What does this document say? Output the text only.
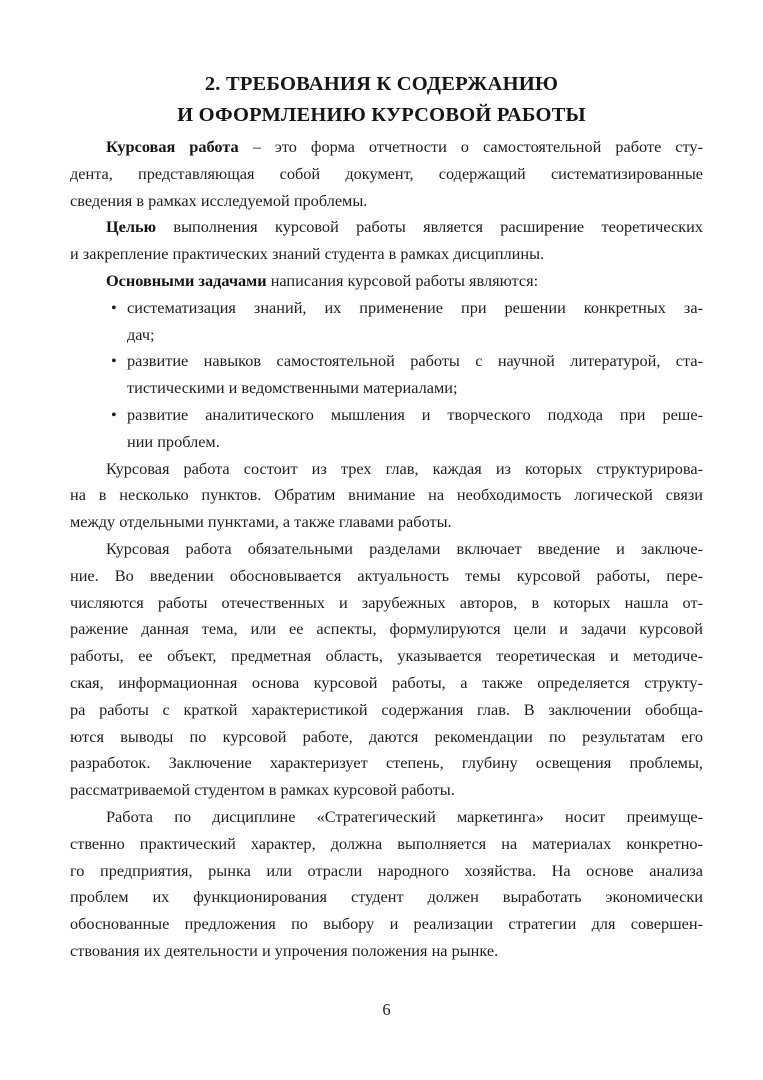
2. ТРЕБОВАНИЯ К СОДЕРЖАНИЮ
И ОФОРМЛЕНИЮ КУРСОВОЙ РАБОТЫ
Курсовая работа – это форма отчетности о самостоятельной работе сту-
дента, представляющая собой документ, содержащий систематизированные
сведения в рамках исследуемой проблемы.
Целью выполнения курсовой работы является расширение теоретических
и закрепление практических знаний студента в рамках дисциплины.
Основными задачами написания курсовой работы являются:
• систематизация знаний, их применение при решении конкретных за-
дач;
• развитие навыков самостоятельной работы с научной литературой, ста-
тистическими и ведомственными материалами;
• развитие аналитического мышления и творческого подхода при реше-
нии проблем.
Курсовая работа состоит из трех глав, каждая из которых структурирова-
на в несколько пунктов. Обратим внимание на необходимость логической связи
между отдельными пунктами, а также главами работы.
Курсовая работа обязательными разделами включает введение и заключе-
ние. Во введении обосновывается актуальность темы курсовой работы, пере-
числяются работы отечественных и зарубежных авторов, в которых нашла от-
ражение данная тема, или ее аспекты, формулируются цели и задачи курсовой
работы, ее объект, предметная область, указывается теоретическая и методиче-
ская, информационная основа курсовой работы, а также определяется структу-
ра работы с краткой характеристикой содержания глав. В заключении обобща-
ются выводы по курсовой работе, даются рекомендации по результатам его
разработок. Заключение характеризует степень, глубину освещения проблемы,
рассматриваемой студентом в рамках курсовой работы.
Работа по дисциплине «Стратегический маркетинга» носит преимуще-
ственно практический характер, должна выполняется на материалах конкретно-
го предприятия, рынка или отрасли народного хозяйства. На основе анализа
проблем их функционирования студент должен выработать экономически
обоснованные предложения по выбору и реализации стратегии для совершен-
ствования их деятельности и упрочения положения на рынке.
6
